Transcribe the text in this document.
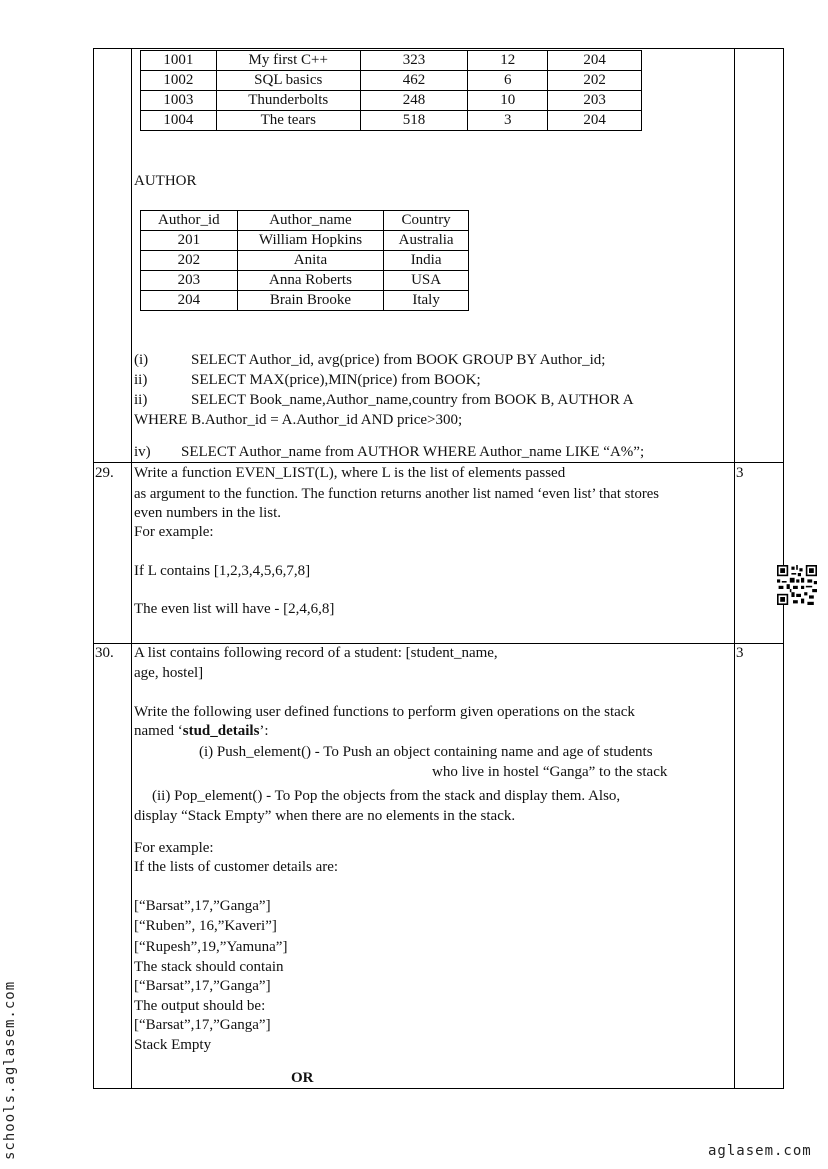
1001	My first C++	323	12	204
1002	SQL basics	462	6	202
1003	Thunderbolts	248	10	203
1004	The tears	518	3	204
AUTHOR
Author_id	Author_name	Country
201	William Hopkins	Australia
202	Anita	India
203	Anna Roberts	USA
204	Brain Brooke	Italy
(i)	SELECT Author_id, avg(price) from BOOK GROUP BY Author_id;
ii)	SELECT MAX(price),MIN(price) from BOOK;
ii)	SELECT Book_name,Author_name,country from BOOK B, AUTHOR A
WHERE B.Author_id = A.Author_id AND price>300;
iv) SELECT Author_name from AUTHOR WHERE Author_name LIKE “A%”;
29.	3
Write a function EVEN_LIST(L), where L is the list of elements passed
as argument to the function. The function returns another list named ‘even list’ that stores
even numbers in the list.
For example:
If L contains [1,2,3,4,5,6,7,8]
The even list will have - [2,4,6,8]
30.	3
A list contains following record of a student: [student_name,
age, hostel]
Write the following user defined functions to perform given operations on the stack
named ‘stud_details’:
(i) Push_element() - To Push an object containing name and age of students
who live in hostel “Ganga” to the stack
(ii) Pop_element() - To Pop the objects from the stack and display them. Also,
display “Stack Empty” when there are no elements in the stack.
For example:
If the lists of customer details are:
[“Barsat”,17,”Ganga”]
[“Ruben”, 16,”Kaveri”]
[“Rupesh”,19,”Yamuna”]
The stack should contain
[“Barsat”,17,”Ganga”]
The output should be:
[“Barsat”,17,”Ganga”]
Stack Empty
OR
schools.aglasem.com	aglasem.com
